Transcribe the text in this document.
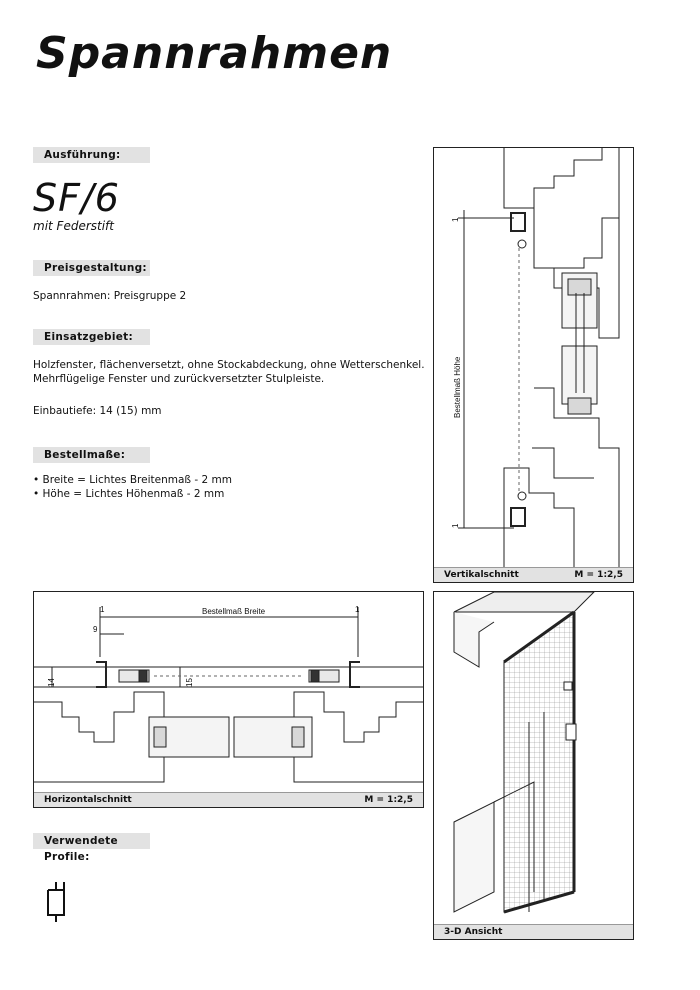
Spannrahmen
Ausführung:
SF/6
mit Federstift
Preisgestaltung:
Spannrahmen: Preisgruppe 2
Einsatzgebiet:
Holzfenster, flächenversetzt, ohne Stockabdeckung, ohne Wetterschenkel.
Mehrflügelige Fenster und zurückversetzter Stulpleiste.
Einbautiefe: 14 (15) mm
Bestellmaße:
• Breite = Lichtes Breitenmaß - 2 mm
• Höhe = Lichtes Höhenmaß - 2 mm
1
1
Bestellmaß Höhe
Vertikalschnitt	M = 1:2,5
1	1
Bestellmaß Breite
9
14	15
Horizontalschnitt	M = 1:2,5
3-D Ansicht
Verwendete Profile:
